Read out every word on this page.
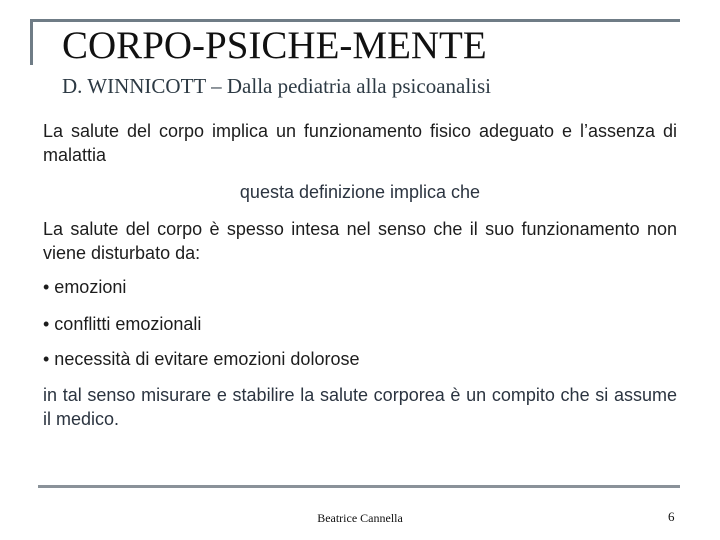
CORPO-PSICHE-MENTE
D. WINNICOTT – Dalla pediatria alla psicoanalisi
La salute del corpo implica un funzionamento fisico adeguato e l’assenza di malattia
questa definizione implica che
La salute del corpo è spesso intesa nel senso che il suo funzionamento non viene disturbato da:
• emozioni
• conflitti emozionali
• necessità di evitare emozioni dolorose
in tal senso misurare e stabilire la salute corporea è un compito che si assume il medico.
Beatrice Cannella	6
